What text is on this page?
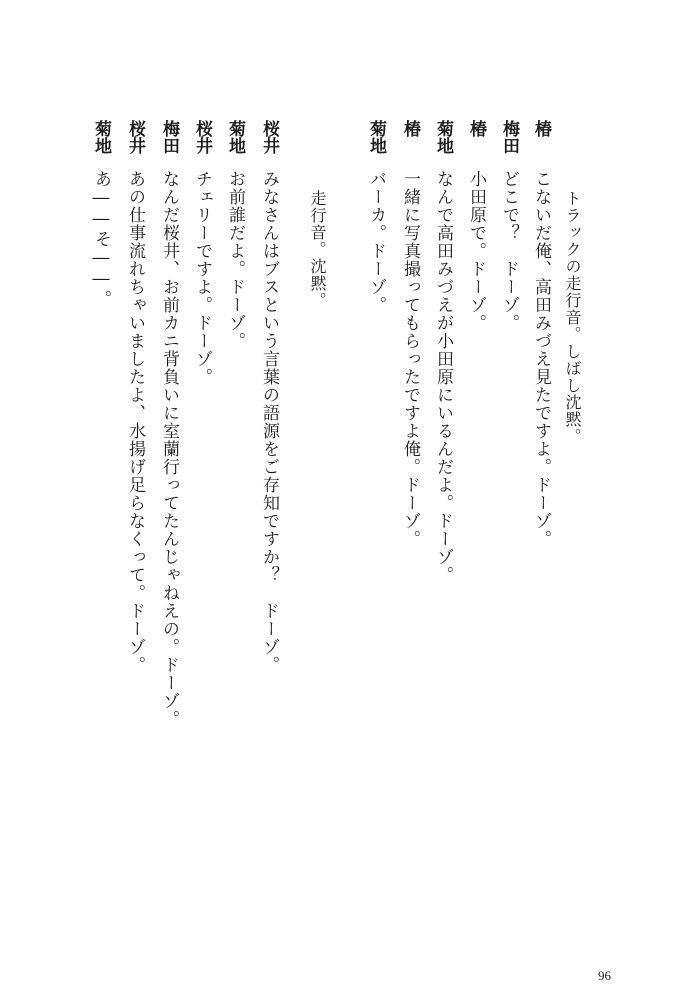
トラックの走行音。しばし沈黙。
椿
こないだ俺、高田みづえ見たですよ。ドーゾ。
梅田
どこで？　ドーゾ。
椿
小田原で。ドーゾ。
菊地
なんで高田みづえが小田原にいるんだよ。ドーゾ。
椿
一緒に写真撮ってもらったですよ俺。ドーゾ。
菊地
バーカ。ドーゾ。
走行音。沈黙。
桜井
みなさんはブスという言葉の語源をご存知ですか？　ドーゾ。
菊地
お前誰だよ。ドーゾ。
桜井
チェリーですよ。ドーゾ。
梅田
なんだ桜井、お前カニ背負いに室蘭行ってたんじゃねえの。ドーゾ。
桜井
あの仕事流れちゃいましたよ、水揚げ足らなくって。ドーゾ。
菊地
あ――そ――。
96
